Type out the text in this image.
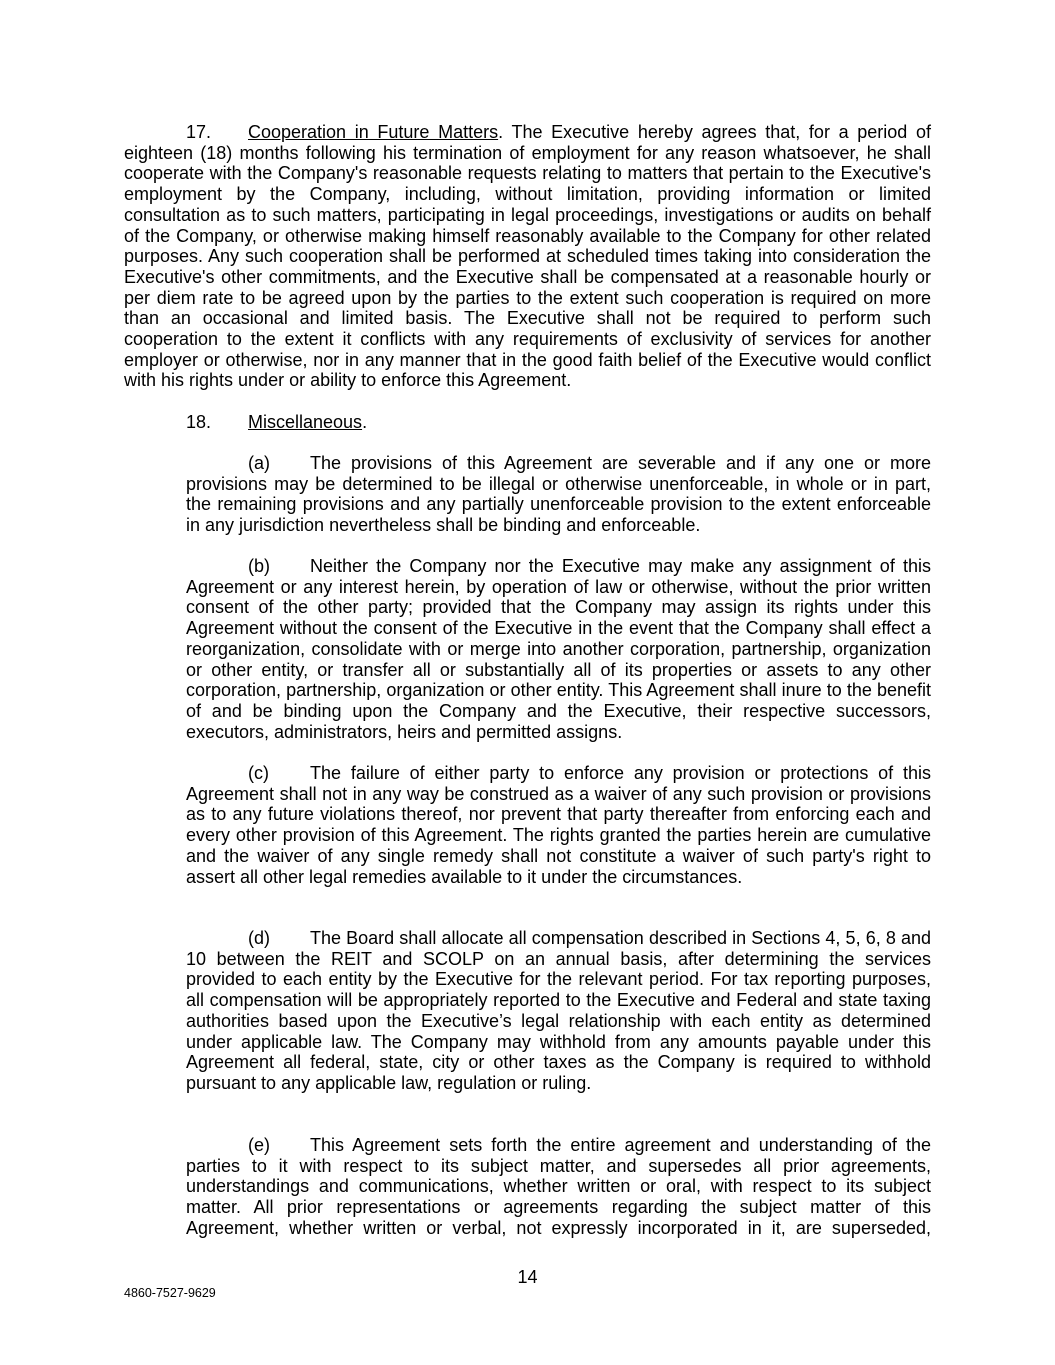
17. Cooperation in Future Matters. The Executive hereby agrees that, for a period of eighteen (18) months following his termination of employment for any reason whatsoever, he shall cooperate with the Company's reasonable requests relating to matters that pertain to the Executive's employment by the Company, including, without limitation, providing information or limited consultation as to such matters, participating in legal proceedings, investigations or audits on behalf of the Company, or otherwise making himself reasonably available to the Company for other related purposes. Any such cooperation shall be performed at scheduled times taking into consideration the Executive's other commitments, and the Executive shall be compensated at a reasonable hourly or per diem rate to be agreed upon by the parties to the extent such cooperation is required on more than an occasional and limited basis. The Executive shall not be required to perform such cooperation to the extent it conflicts with any requirements of exclusivity of services for another employer or otherwise, nor in any manner that in the good faith belief of the Executive would conflict with his rights under or ability to enforce this Agreement.

18. Miscellaneous.

(a) The provisions of this Agreement are severable and if any one or more provisions may be determined to be illegal or otherwise unenforceable, in whole or in part, the remaining provisions and any partially unenforceable provision to the extent enforceable in any jurisdiction nevertheless shall be binding and enforceable.

(b) Neither the Company nor the Executive may make any assignment of this Agreement or any interest herein, by operation of law or otherwise, without the prior written consent of the other party; provided that the Company may assign its rights under this Agreement without the consent of the Executive in the event that the Company shall effect a reorganization, consolidate with or merge into another corporation, partnership, organization or other entity, or transfer all or substantially all of its properties or assets to any other corporation, partnership, organization or other entity. This Agreement shall inure to the benefit of and be binding upon the Company and the Executive, their respective successors, executors, administrators, heirs and permitted assigns.

(c) The failure of either party to enforce any provision or protections of this Agreement shall not in any way be construed as a waiver of any such provision or provisions as to any future violations thereof, nor prevent that party thereafter from enforcing each and every other provision of this Agreement. The rights granted the parties herein are cumulative and the waiver of any single remedy shall not constitute a waiver of such party's right to assert all other legal remedies available to it under the circumstances.

(d) The Board shall allocate all compensation described in Sections 4, 5, 6, 8 and 10 between the REIT and SCOLP on an annual basis, after determining the services provided to each entity by the Executive for the relevant period. For tax reporting purposes, all compensation will be appropriately reported to the Executive and Federal and state taxing authorities based upon the Executive’s legal relationship with each entity as determined under applicable law. The Company may withhold from any amounts payable under this Agreement all federal, state, city or other taxes as the Company is required to withhold pursuant to any applicable law, regulation or ruling.

(e) This Agreement sets forth the entire agreement and understanding of the parties to it with respect to its subject matter, and supersedes all prior agreements, understandings and communications, whether written or oral, with respect to its subject matter. All prior representations or agreements regarding the subject matter of this Agreement, whether written or verbal, not expressly incorporated in it, are superseded,

14
4860-7527-9629
